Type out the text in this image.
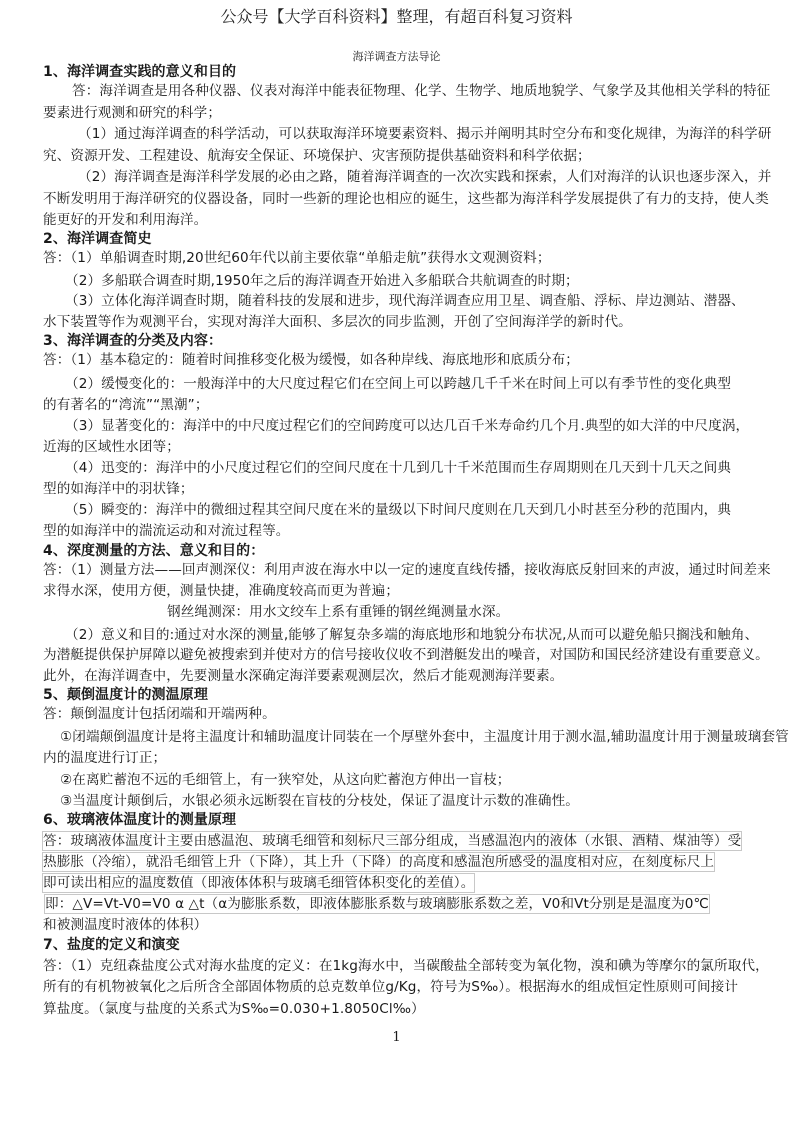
公众号【大学百科资料】整理，有超百科复习资料
海洋调查方法导论
1、海洋调查实践的意义和目的
答：海洋调查是用各种仪器、仪表对海洋中能表征物理、化学、生物学、地质地貌学、气象学及其他相关学科的特征
要素进行观测和研究的科学；
（1）通过海洋调查的科学活动，可以获取海洋环境要素资料、揭示并阐明其时空分布和变化规律，为海洋的科学研
究、资源开发、工程建设、航海安全保证、环境保护、灾害预防提供基础资料和科学依据；
（2）海洋调查是海洋科学发展的必由之路，随着海洋调查的一次次实践和探索，人们对海洋的认识也逐步深入，并
不断发明用于海洋研究的仪器设备，同时一些新的理论也相应的诞生，这些都为海洋科学发展提供了有力的支持，使人类
能更好的开发和利用海洋。
2、海洋调查简史
答：（1）单船调查时期,20世纪60年代以前主要依靠“单船走航”获得水文观测资料；
（2）多船联合调查时期,1950年之后的海洋调查开始进入多船联合共航调查的时期；
（3）立体化海洋调查时期，随着科技的发展和进步，现代海洋调查应用卫星、调查船、浮标、岸边测站、潜器、
水下装置等作为观测平台，实现对海洋大面积、多层次的同步监测，开创了空间海洋学的新时代。
3、海洋调查的分类及内容：
答：（1）基本稳定的：随着时间推移变化极为缓慢，如各种岸线、海底地形和底质分布；
（2）缓慢变化的：一般海洋中的大尺度过程它们在空间上可以跨越几千千米在时间上可以有季节性的变化典型
的有著名的“湾流”“黑潮”；
（3）显著变化的：海洋中的中尺度过程它们的空间跨度可以达几百千米寿命约几个月.典型的如大洋的中尺度涡，
近海的区域性水团等；
（4）迅变的：海洋中的小尺度过程它们的空间尺度在十几到几十千米范围而生存周期则在几天到十几天之间典
型的如海洋中的羽状锋；
（5）瞬变的：海洋中的微细过程其空间尺度在米的量级以下时间尺度则在几天到几小时甚至分秒的范围内，典
型的如海洋中的湍流运动和对流过程等。
4、深度测量的方法、意义和目的：
答：（1）测量方法——回声测深仪：利用声波在海水中以一定的速度直线传播，接收海底反射回来的声波，通过时间差来
求得水深，使用方便，测量快捷，准确度较高而更为普遍；
钢丝绳测深：用水文绞车上系有重锤的钢丝绳测量水深。
（2）意义和目的:通过对水深的测量,能够了解复杂多端的海底地形和地貌分布状况,从而可以避免船只搁浅和触角、
为潜艇提供保护屏障以避免被搜索到并使对方的信号接收仪收不到潜艇发出的噪音，对国防和国民经济建设有重要意义。
此外，在海洋调查中，先要测量水深确定海洋要素观测层次，然后才能观测海洋要素。
5、颠倒温度计的测温原理
答：颠倒温度计包括闭端和开端两种。
①闭端颠倒温度计是将主温度计和辅助温度计同装在一个厚壁外套中，主温度计用于测水温,辅助温度计用于测量玻璃套管
内的温度进行订正；
②在离贮蓄泡不远的毛细管上，有一狭窄处，从这向贮蓄泡方伸出一盲枝；
③当温度计颠倒后，水银必须永远断裂在盲枝的分枝处，保证了温度计示数的准确性。
6、玻璃液体温度计的测量原理
答：玻璃液体温度计主要由感温泡、玻璃毛细管和刻标尺三部分组成，当感温泡内的液体（水银、酒精、煤油等）受
热膨胀（冷缩），就沿毛细管上升（下降），其上升（下降）的高度和感温泡所感受的温度相对应，在刻度标尺上
即可读出相应的温度数值（即液体体积与玻璃毛细管体积变化的差值）。
即：△V=Vt-V0=V0 α △t（α为膨胀系数，即液体膨胀系数与玻璃膨胀系数之差，V0和Vt分别是是温度为0℃
和被测温度时液体的体积）
7、盐度的定义和演变
答：（1）克纽森盐度公式对海水盐度的定义：在1kg海水中，当碳酸盐全部转变为氧化物，溴和碘为等摩尔的氯所取代，
所有的有机物被氧化之后所含全部固体物质的总克数单位g/Kg，符号为S‰）。根据海水的组成恒定性原则可间接计
算盐度。（氯度与盐度的关系式为S‰=0.030+1.8050Cl‰）
1
